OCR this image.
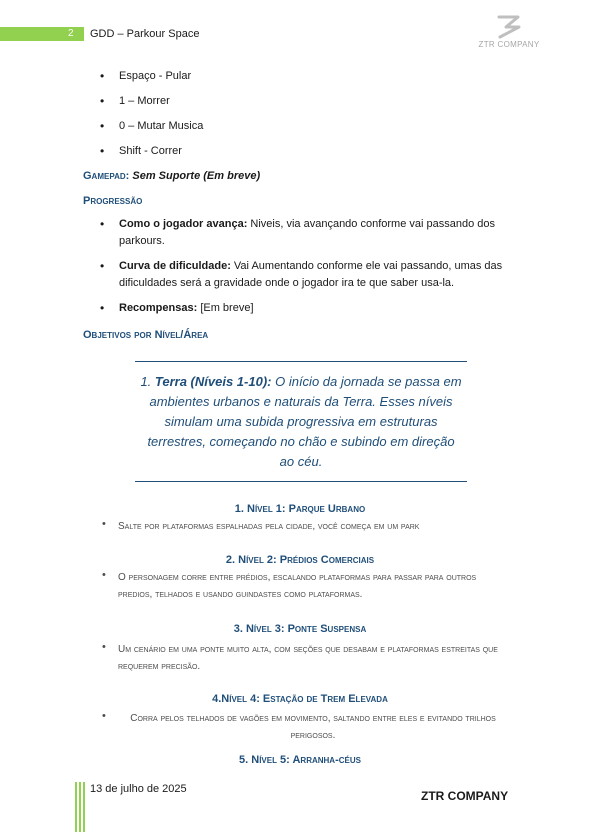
2 GDD – Parkour Space
ZTR COMPANY
• Espaço - Pular
• 1 – Morrer
• 0 – Mutar Musica
• Shift - Correr
Gamepad: Sem Suporte (Em breve)
Progressão
• Como o jogador avança: Niveis, via avançando conforme vai passando dos parkours.
• Curva de dificuldade: Vai Aumentando conforme ele vai passando, umas das dificuldades será a gravidade onde o jogador ira te que saber usa-la.
• Recompensas: [Em breve]
Objetivos por Nível/Área
1. Terra (Níveis 1-10): O início da jornada se passa em ambientes urbanos e naturais da Terra. Esses níveis simulam uma subida progressiva em estruturas terrestres, começando no chão e subindo em direção ao céu.
1. Nível 1: Parque Urbano
• Salte por plataformas espalhadas pela cidade, você começa em um park
2. Nível 2: Prédios Comerciais
• O personagem corre entre prédios, escalando plataformas para passar para outros predios, telhados e usando guindastes como plataformas.
3. Nível 3: Ponte Suspensa
• Um cenário em uma ponte muito alta, com seções que desabam e plataformas estreitas que requerem precisão.
4.Nível 4: Estação de Trem Elevada
•	Corra pelos telhados de vagões em movimento, saltando entre eles e evitando trilhos perigosos.
5. Nível 5: Arranha-céus
13 de julho de 2025	ZTR COMPANY
